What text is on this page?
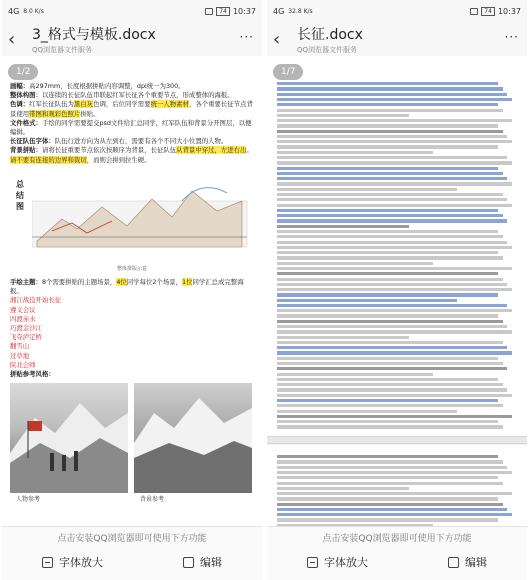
4G 8.0 K/s	74 10:37
‹	3_格式与模板.docx
QQ浏览器文件服务
···
1/2
画幅：高297mm，长度根据拼贴内容调整，dpi统一为300。
整体构图：以连续的长征队伍串联起红军长征各个重要节点，形成整体的海报。
色调：红军长征队伍为黑白灰色调，后位同学需要统一人物素材，各个重要长征节点背景使用带图和观彩色照片拼贴。
文件格式：手绘的同学需要提交psd文件给汇总同学，红军队伍和背景分开图层，以便编辑。
长征队伍字体：队伍行进方向为从左到右，需要有各个不同大小位置的人物。
背景拼贴：请将长征重要节点依次按顺序为背景，长征队伍从背景中穿过，左进右出。请不要有连接的边界和裁切，而则会拼到拉生硬。
总结图
整体排版示意
手绘主题：8个需要拼贴的主题场景，4位同学每位2个场景，1位同学汇总成完整海报。
湘江战役开始长征
遵义会议
四渡赤水
巧渡金沙江
飞夺泸定桥
翻雪山
过草地
陕北会师
拼贴参考风格：
人物参考	背景参考
点击安装QQ浏览器即可使用下方功能
字体放大	编辑
4G 32.8 K/s	74 10:37
‹	长征.docx
QQ浏览器文件服务
···
1/7
点击安装QQ浏览器即可使用下方功能
字体放大	编辑
